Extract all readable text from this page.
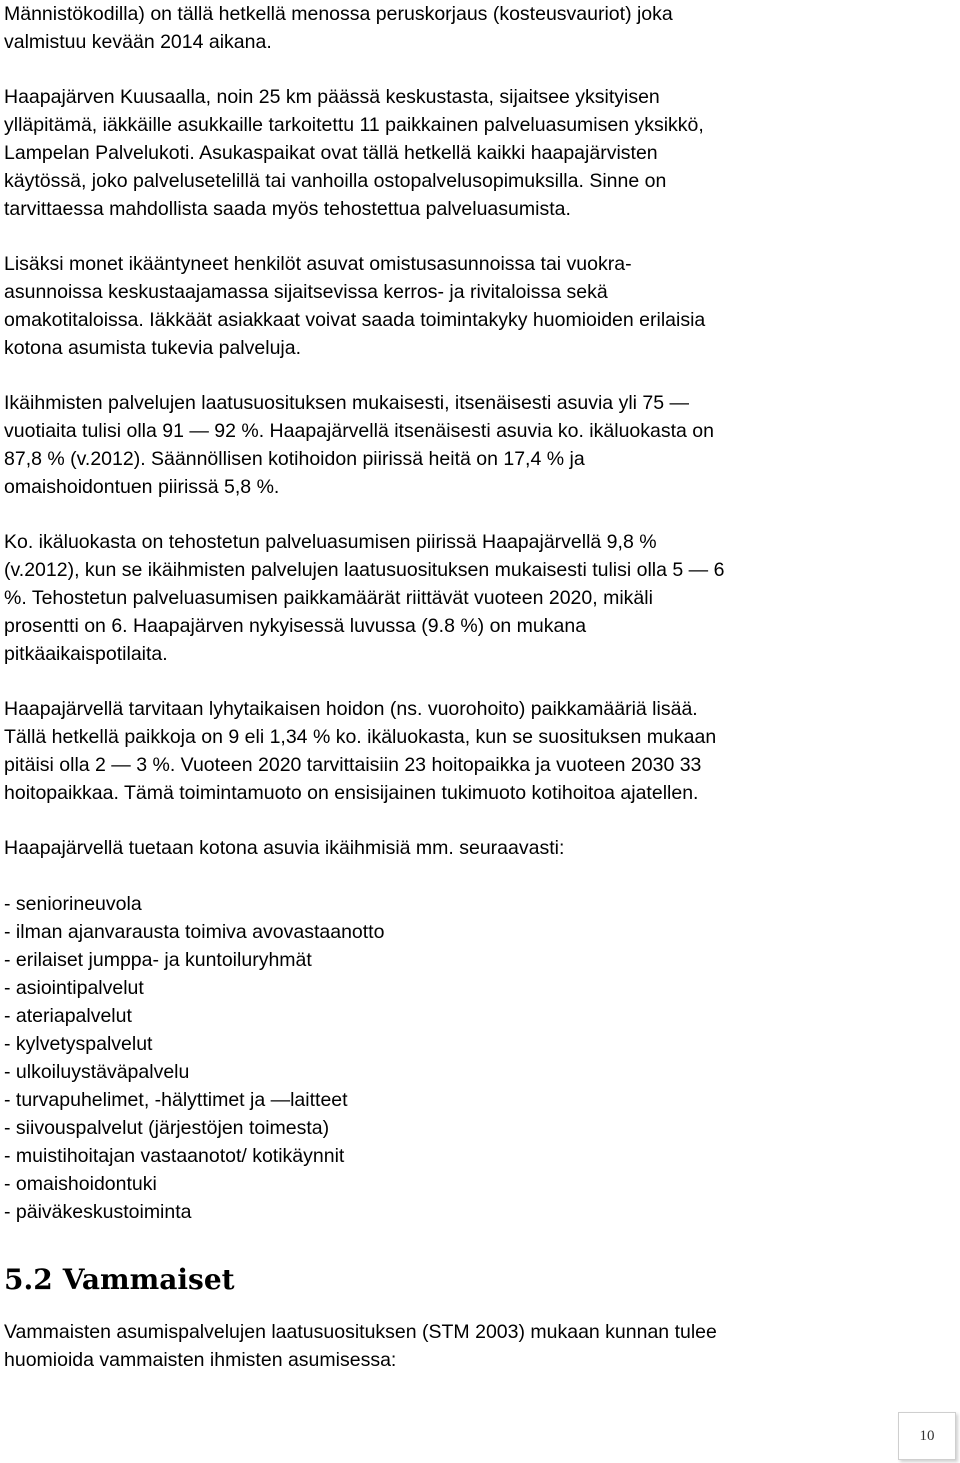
Männistökodilla) on tällä hetkellä menossa peruskorjaus (kosteusvauriot) joka
valmistuu kevään 2014 aikana.
Haapajärven Kuusaalla, noin 25 km päässä keskustasta, sijaitsee yksityisen
ylläpitämä, iäkkäille asukkaille tarkoitettu 11 paikkainen palveluasumisen yksikkö,
Lampelan Palvelukoti. Asukaspaikat ovat tällä hetkellä kaikki haapajärvisten
käytössä, joko palvelusetelillä tai vanhoilla ostopalvelusopimuksilla. Sinne on
tarvittaessa mahdollista saada myös tehostettua palveluasumista.
Lisäksi monet ikääntyneet henkilöt asuvat omistusasunnoissa tai vuokra-
asunnoissa keskustaajamassa sijaitsevissa kerros- ja rivitaloissa sekä
omakotitaloissa. Iäkkäät asiakkaat voivat saada toimintakyky huomioiden erilaisia
kotona asumista tukevia palveluja.
Ikäihmisten palvelujen laatusuosituksen mukaisesti, itsenäisesti asuvia yli 75 —
vuotiaita tulisi olla 91 — 92 %. Haapajärvellä itsenäisesti asuvia ko. ikäluokasta on
87,8 % (v.2012). Säännöllisen kotihoidon piirissä heitä on 17,4 % ja
omaishoidontuen piirissä 5,8 %.
Ko. ikäluokasta on tehostetun palveluasumisen piirissä Haapajärvellä 9,8 %
(v.2012), kun se ikäihmisten palvelujen laatusuosituksen mukaisesti tulisi olla 5 — 6
%. Tehostetun palveluasumisen paikkamäärät riittävät vuoteen 2020, mikäli
prosentti on 6. Haapajärven nykyisessä luvussa (9.8 %) on mukana
pitkäaikaispotilaita.
Haapajärvellä tarvitaan lyhytaikaisen hoidon (ns. vuorohoito) paikkamääriä lisää.
Tällä hetkellä paikkoja on 9 eli 1,34 % ko. ikäluokasta, kun se suosituksen mukaan
pitäisi olla 2 — 3 %. Vuoteen 2020 tarvittaisiin 23 hoitopaikka ja vuoteen 2030 33
hoitopaikkaa. Tämä toimintamuoto on ensisijainen tukimuoto kotihoitoa ajatellen.
Haapajärvellä tuetaan kotona asuvia ikäihmisiä mm. seuraavasti:
- seniorineuvola
- ilman ajanvarausta toimiva avovastaanotto
- erilaiset jumppa- ja kuntoiluryhmät
- asiointipalvelut
- ateriapalvelut
- kylvetyspalvelut
- ulkoiluystäväpalvelu
- turvapuhelimet, -hälyttimet ja —laitteet
- siivouspalvelut (järjestöjen toimesta)
- muistihoitajan vastaanotot/ kotikäynnit
- omaishoidontuki
- päiväkeskustoiminta
5.2 Vammaiset
Vammaisten asumispalvelujen laatusuosituksen (STM 2003) mukaan kunnan tulee
huomioida vammaisten ihmisten asumisessa:
10
